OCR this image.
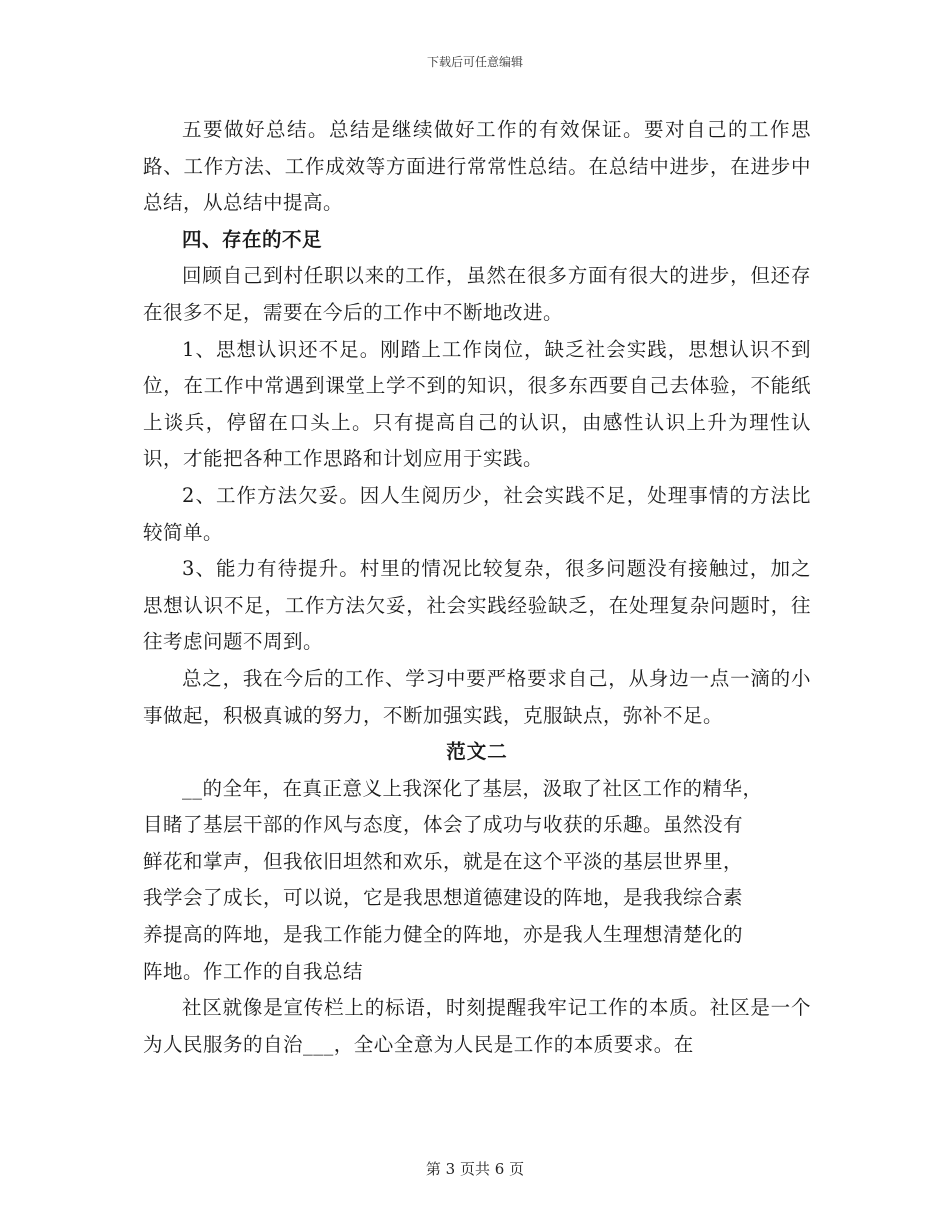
下载后可任意编辑

五要做好总结。总结是继续做好工作的有效保证。要对自己的工作思路、工作方法、工作成效等方面进行常常性总结。在总结中进步，在进步中总结，从总结中提高。

四、存在的不足

回顾自己到村任职以来的工作，虽然在很多方面有很大的进步，但还存在很多不足，需要在今后的工作中不断地改进。

1、思想认识还不足。刚踏上工作岗位，缺乏社会实践，思想认识不到位，在工作中常遇到课堂上学不到的知识，很多东西要自己去体验，不能纸上谈兵，停留在口头上。只有提高自己的认识，由感性认识上升为理性认识，才能把各种工作思路和计划应用于实践。

2、工作方法欠妥。因人生阅历少，社会实践不足，处理事情的方法比较简单。

3、能力有待提升。村里的情况比较复杂，很多问题没有接触过，加之思想认识不足，工作方法欠妥，社会实践经验缺乏，在处理复杂问题时，往往考虑问题不周到。

总之，我在今后的工作、学习中要严格要求自己，从身边一点一滴的小事做起，积极真诚的努力，不断加强实践，克服缺点，弥补不足。

范文二

__的全年，在真正意义上我深化了基层，汲取了社区工作的精华，

目睹了基层干部的作风与态度，体会了成功与收获的乐趣。虽然没有

鲜花和掌声，但我依旧坦然和欢乐，就是在这个平淡的基层世界里，

我学会了成长，可以说，它是我思想道德建设的阵地，是我我综合素

养提高的阵地，是我工作能力健全的阵地，亦是我人生理想清楚化的

阵地。作工作的自我总结

社区就像是宣传栏上的标语，时刻提醒我牢记工作的本质。社区是一个为人民服务的自治___，全心全意为人民是工作的本质要求。在

第 3 页共 6 页
